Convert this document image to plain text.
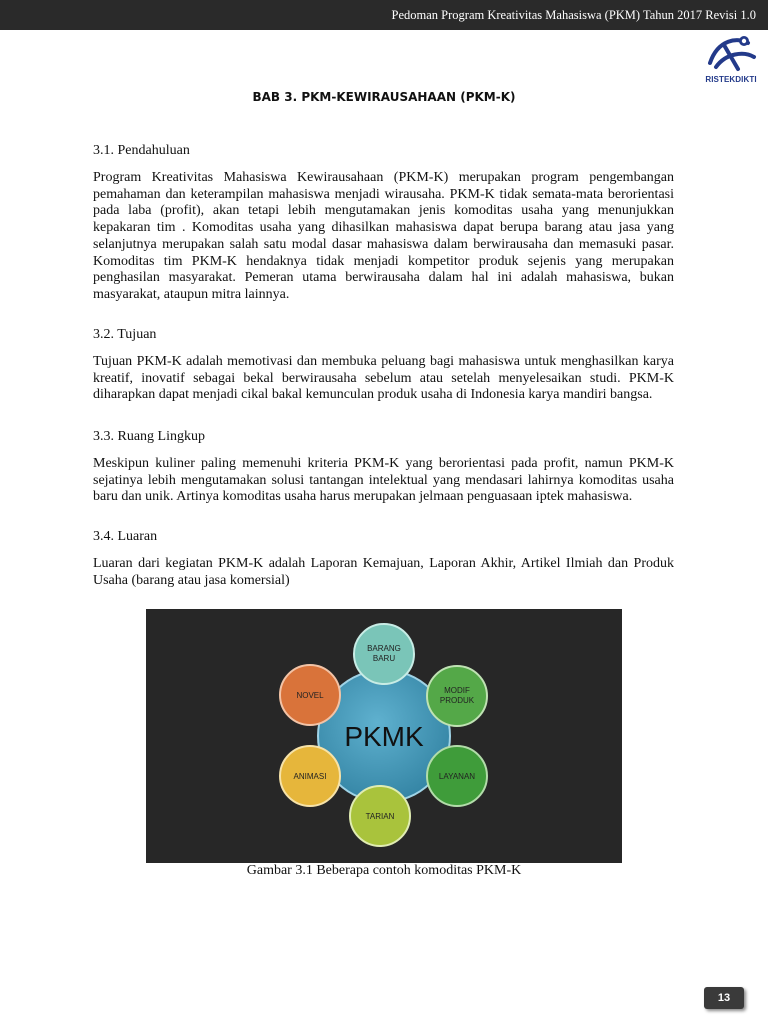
Pedoman Program Kreativitas Mahasiswa (PKM) Tahun 2017 Revisi 1.0
RISTEKDIKTI
BAB 3. PKM-KEWIRAUSAHAAN (PKM-K)
3.1. Pendahuluan

Program Kreativitas Mahasiswa Kewirausahaan (PKM-K) merupakan program pengembangan pemahaman dan keterampilan mahasiswa menjadi wirausaha. PKM-K tidak semata-mata berorientasi pada laba (profit), akan tetapi lebih mengutamakan jenis komoditas usaha yang menunjukkan kepakaran tim . Komoditas usaha yang dihasilkan mahasiswa dapat berupa barang atau jasa yang selanjutnya merupakan salah satu modal dasar mahasiswa dalam berwirausaha dan memasuki pasar. Komoditas tim PKM-K hendaknya tidak menjadi kompetitor produk sejenis yang merupakan penghasilan masyarakat. Pemeran utama berwirausaha dalam hal ini adalah mahasiswa, bukan masyarakat, ataupun mitra lainnya.

3.2. Tujuan

Tujuan PKM-K adalah memotivasi dan membuka peluang bagi mahasiswa untuk menghasilkan karya kreatif, inovatif sebagai bekal berwirausaha sebelum atau setelah menyelesaikan studi. PKM-K diharapkan dapat menjadi cikal bakal kemunculan produk usaha di Indonesia karya mandiri bangsa.

3.3. Ruang Lingkup

Meskipun kuliner paling memenuhi kriteria PKM-K yang berorientasi pada profit, namun PKM-K sejatinya lebih mengutamakan solusi tantangan intelektual yang mendasari lahirnya komoditas usaha baru dan unik. Artinya komoditas usaha harus merupakan jelmaan penguasaan iptek mahasiswa.

3.4. Luaran

Luaran dari kegiatan PKM-K adalah Laporan Kemajuan, Laporan Akhir, Artikel Ilmiah dan Produk Usaha (barang atau jasa komersial)

PKMK
BARANG
BARU
MODIF
PRODUK
LAYANAN
TARIAN
ANIMASI
NOVEL
Gambar 3.1 Beberapa contoh komoditas PKM-K
13
